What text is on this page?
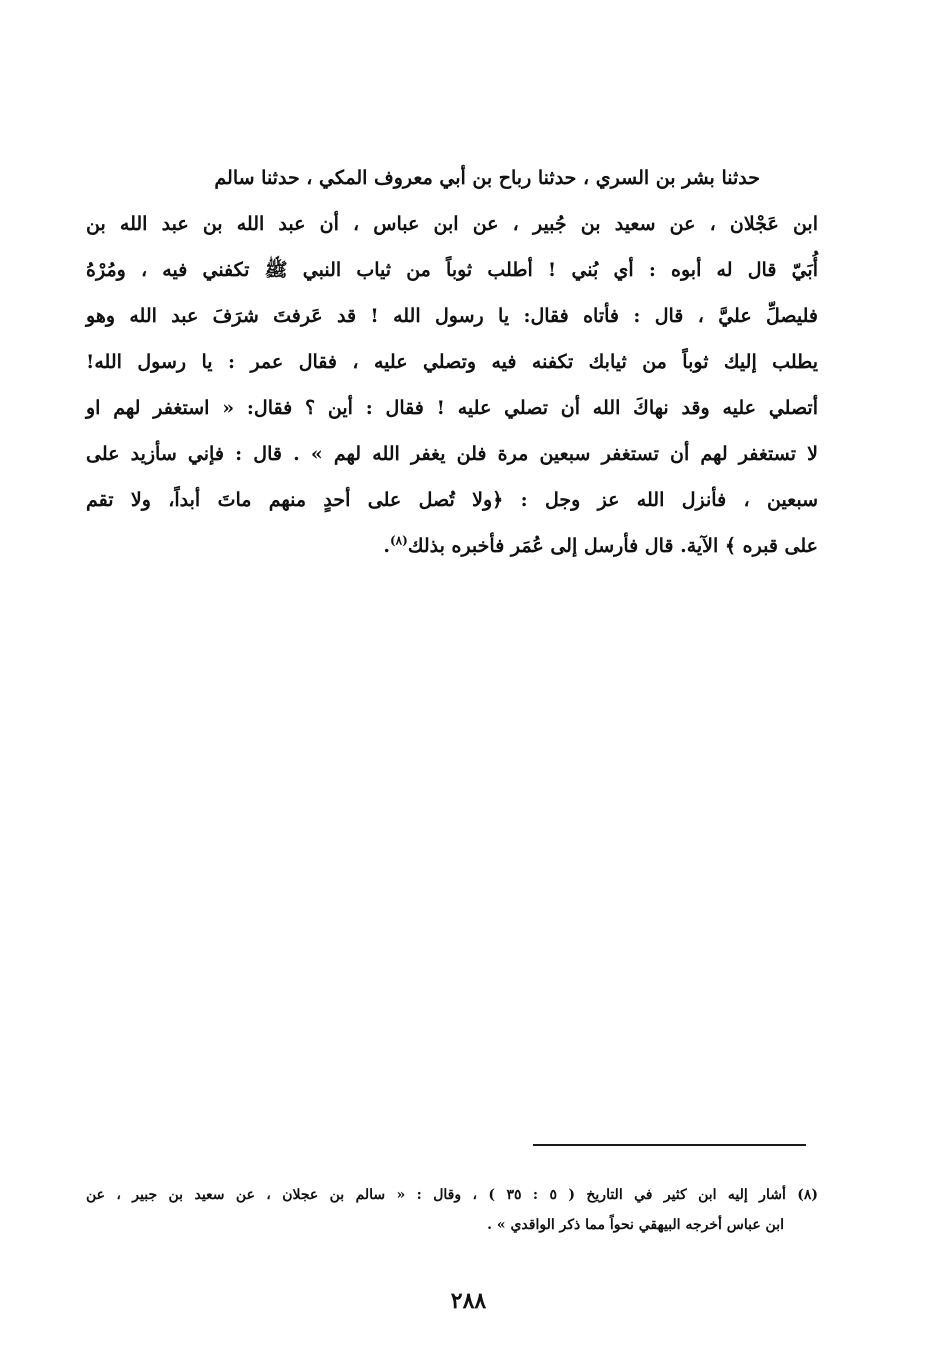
حدثنا بشر بن السري ، حدثنا رباح بن أبي معروف المكي ، حدثنا سالم
ابن عَجْلان ، عن سعيد بن جُبير ، عن ابن عباس ، أن عبد الله بن عبد الله بن
أُبَيّ قال له أبوه : أي بُني ! أطلب ثوباً من ثياب النبي ﷺ تكفني فيه ، ومُرْهُ
فليصلِّ عليَّ ، قال : فأتاه فقال: يا رسول الله ! قد عَرفتَ شرَفَ عبد الله وهو
يطلب إليك ثوباً من ثيابك تكفنه فيه وتصلي عليه ، فقال عمر : يا رسول الله!
أتصلي عليه وقد نهاكَ الله أن تصلي عليه ! فقال : أين ؟ فقال: « استغفر لهم او
لا تستغفر لهم أن تستغفر سبعين مرة فلن يغفر الله لهم » . قال : فإني سأزيد على
سبعين ، فأنزل الله عز وجل : ﴿ولا تُصل على أحدٍ منهم ماتَ أبداً، ولا تقم
على قبره ﴾ الآية. قال فأرسل إلى عُمَر فأخبره بذلك$^{(٨)}$.
(٨) أشار إليه ابن كثير في التاريخ ( ٥ : ٣٥ ) ، وقال : « سالم بن عجلان ، عن سعيد بن جبير ، عن
ابن عباس أخرجه البيهقي نحواً مما ذكر الواقدي » .
٢٨٨
